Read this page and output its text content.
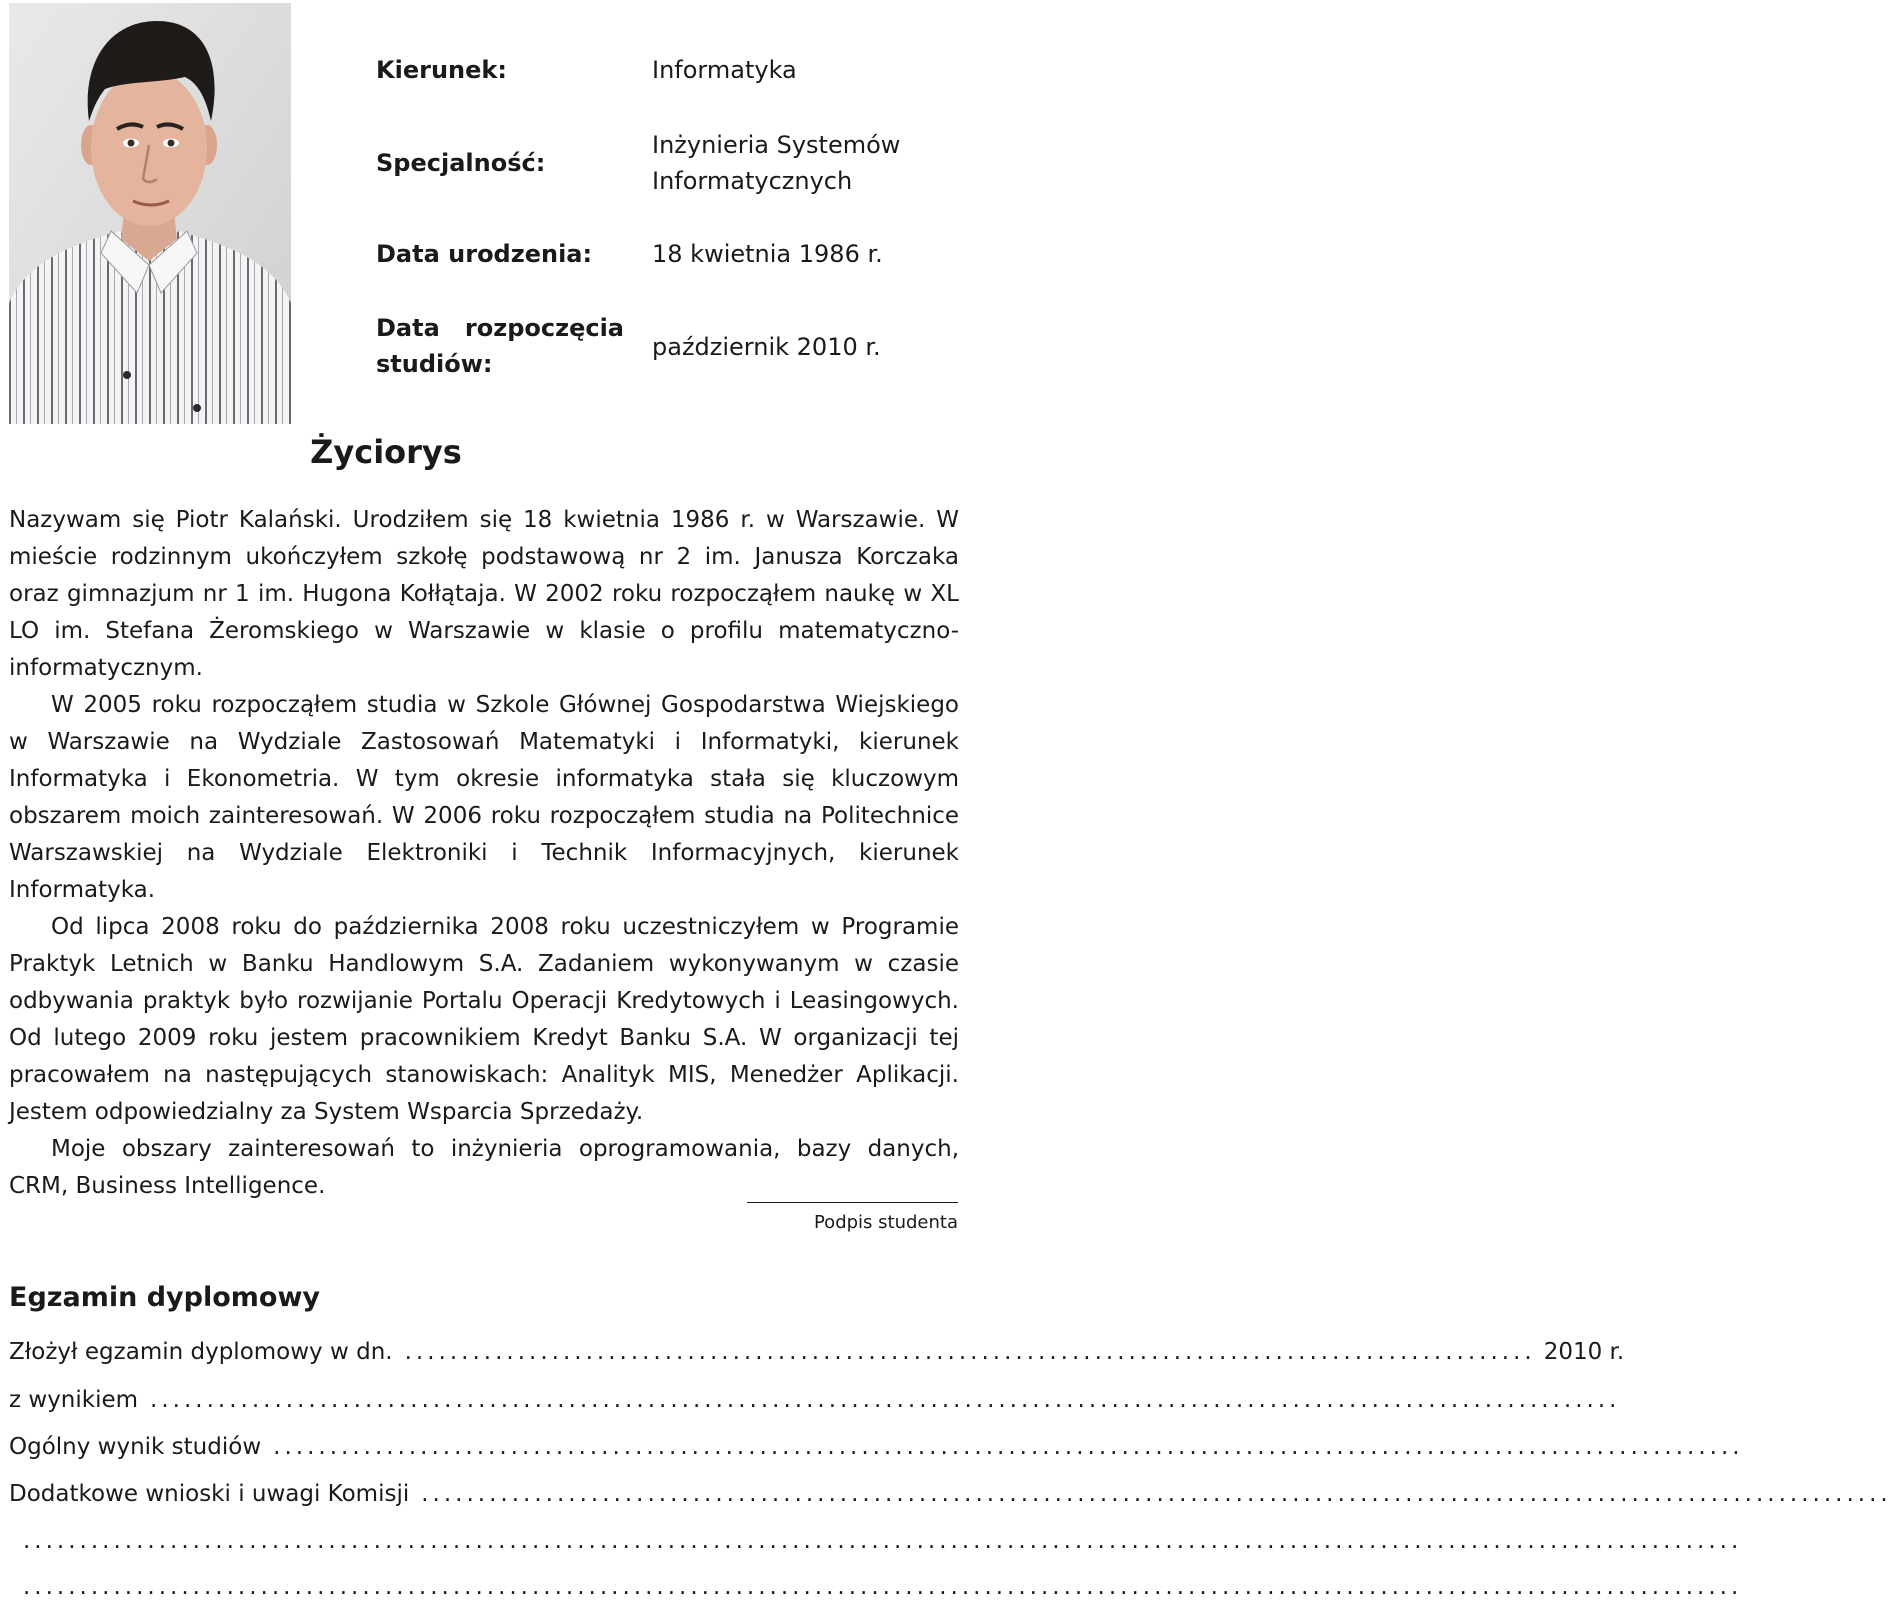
Kierunek:	Informatyka
Specjalność:
Inżynieria Systemów
Informatycznych
Data urodzenia:	18 kwietnia 1986 r.
Data rozpoczęcia
studiów:
październik 2010 r.
Życiorys

Nazywam się Piotr Kalański. Urodziłem się 18 kwietnia 1986 r. w Warszawie. W mieście rodzinnym ukończyłem szkołę podstawową nr 2 im. Janusza Korczaka oraz gimnazjum nr 1 im. Hugona Kołłątaja. W 2002 roku rozpocząłem naukę w XL LO im. Stefana Żeromskiego w Warszawie w klasie o profilu matematyczno-informatycznym.

W 2005 roku rozpocząłem studia w Szkole Głównej Gospodarstwa Wiejskiego w Warszawie na Wydziale Zastosowań Matematyki i Informatyki, kierunek Informatyka i Ekonometria. W tym okresie informatyka stała się kluczowym obszarem moich zainteresowań. W 2006 roku rozpocząłem studia na Politechnice Warszawskiej na Wydziale Elektroniki i Technik Informacyjnych, kierunek Informatyka.

Od lipca 2008 roku do października 2008 roku uczestniczyłem w Programie Praktyk Letnich w Banku Handlowym S.A. Zadaniem wykonywanym w czasie odbywania praktyk było rozwijanie Portalu Operacji Kredytowych i Leasingowych. Od lutego 2009 roku jestem pracownikiem Kredyt Banku S.A. W organizacji tej pracowałem na następujących stanowiskach: Analityk MIS, Menedżer Aplikacji. Jestem odpowiedzialny za System Wsparcia Sprzedaży.

Moje obszary zainteresowań to inżynieria oprogramowania, bazy danych, CRM, Business Intelligence.

Podpis studenta
Egzamin dyplomowy
Złożył egzamin dyplomowy w dn. .................................................................................................... 2010 r.
z wynikiem ..................................................................................................................................
Ogólny wynik studiów ..................................................................................................................................
Dodatkowe wnioski i uwagi Komisji ..................................................................................................................................
........................................................................................................................................................
........................................................................................................................................................
